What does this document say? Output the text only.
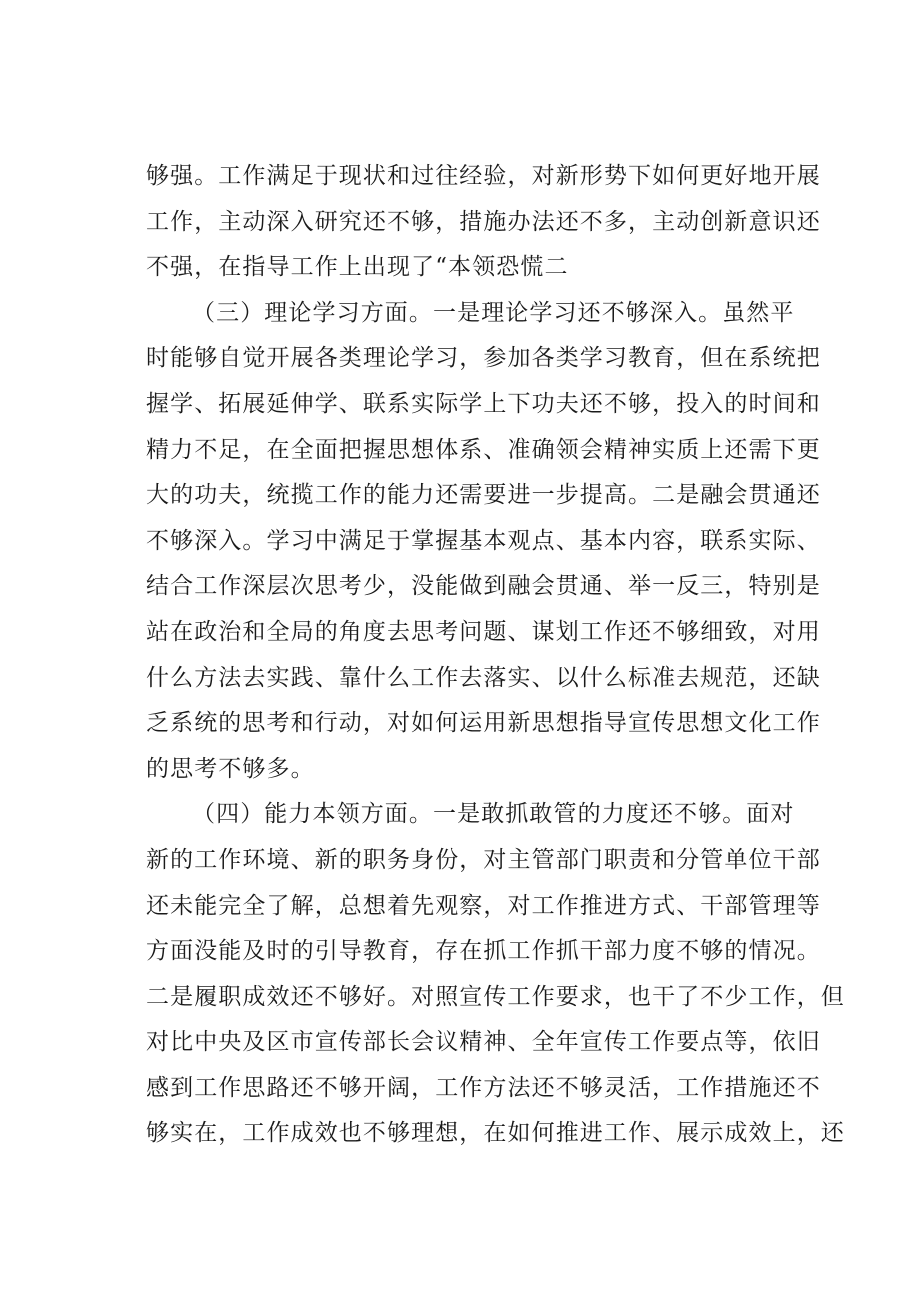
够强。工作满足于现状和过往经验，对新形势下如何更好地开展
工作，主动深入研究还不够，措施办法还不多，主动创新意识还
不强，在指导工作上出现了“本领恐慌二
（三）理论学习方面。一是理论学习还不够深入。虽然平
时能够自觉开展各类理论学习，参加各类学习教育，但在系统把
握学、拓展延伸学、联系实际学上下功夫还不够，投入的时间和
精力不足，在全面把握思想体系、准确领会精神实质上还需下更
大的功夫，统揽工作的能力还需要进一步提高。二是融会贯通还
不够深入。学习中满足于掌握基本观点、基本内容，联系实际、
结合工作深层次思考少，没能做到融会贯通、举一反三，特别是
站在政治和全局的角度去思考问题、谋划工作还不够细致，对用
什么方法去实践、靠什么工作去落实、以什么标准去规范，还缺
乏系统的思考和行动，对如何运用新思想指导宣传思想文化工作
的思考不够多。
（四）能力本领方面。一是敢抓敢管的力度还不够。面对
新的工作环境、新的职务身份，对主管部门职责和分管单位干部
还未能完全了解，总想着先观察，对工作推进方式、干部管理等
方面没能及时的引导教育，存在抓工作抓干部力度不够的情况。
二是履职成效还不够好。对照宣传工作要求，也干了不少工作，但
对比中央及区市宣传部长会议精神、全年宣传工作要点等，依旧
感到工作思路还不够开阔，工作方法还不够灵活，工作措施还不
够实在，工作成效也不够理想，在如何推进工作、展示成效上，还
